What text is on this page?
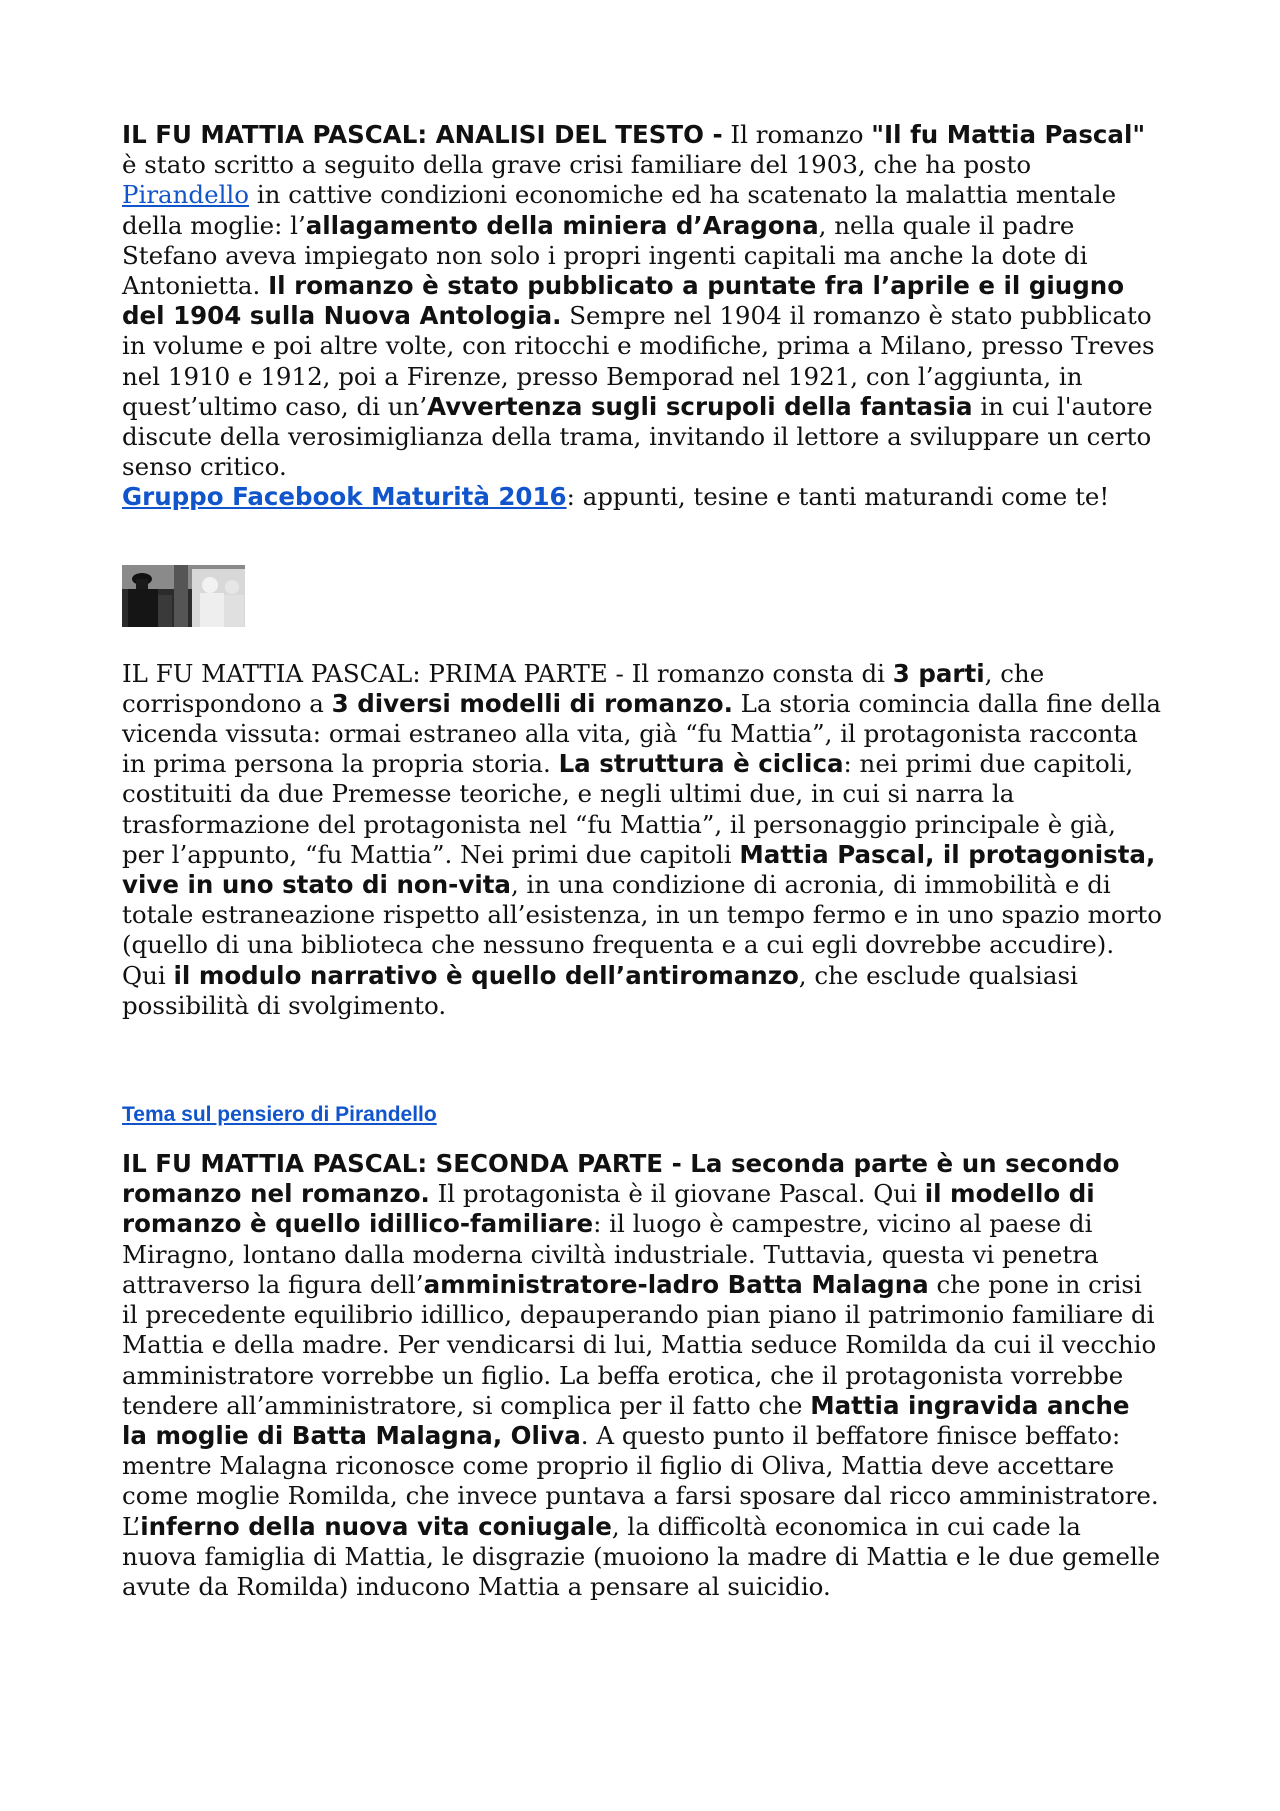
IL FU MATTIA PASCAL: ANALISI DEL TESTO - Il romanzo "Il fu Mattia Pascal" è stato scritto a seguito della grave crisi familiare del 1903, che ha posto Pirandello in cattive condizioni economiche ed ha scatenato la malattia mentale della moglie: l’allagamento della miniera d’Aragona, nella quale il padre Stefano aveva impiegato non solo i propri ingenti capitali ma anche la dote di Antonietta. Il romanzo è stato pubblicato a puntate fra l’aprile e il giugno del 1904 sulla Nuova Antologia. Sempre nel 1904 il romanzo è stato pubblicato in volume e poi altre volte, con ritocchi e modifiche, prima a Milano, presso Treves nel 1910 e 1912, poi a Firenze, presso Bemporad nel 1921, con l’aggiunta, in quest’ultimo caso, di un’Avvertenza sugli scrupoli della fantasia in cui l'autore discute della verosimiglianza della trama, invitando il lettore a sviluppare un certo senso critico.

Gruppo Facebook Maturità 2016: appunti, tesine e tanti maturandi come te!

IL FU MATTIA PASCAL: PRIMA PARTE - Il romanzo consta di 3 parti, che corrispondono a 3 diversi modelli di romanzo. La storia comincia dalla fine della vicenda vissuta: ormai estraneo alla vita, già “fu Mattia”, il protagonista racconta in prima persona la propria storia. La struttura è ciclica: nei primi due capitoli, costituiti da due Premesse teoriche, e negli ultimi due, in cui si narra la trasformazione del protagonista nel “fu Mattia”, il personaggio principale è già, per l’appunto, “fu Mattia”. Nei primi due capitoli Mattia Pascal, il protagonista, vive in uno stato di non-vita, in una condizione di acronia, di immobilità e di totale estraneazione rispetto all’esistenza, in un tempo fermo e in uno spazio morto (quello di una biblioteca che nessuno frequenta e a cui egli dovrebbe accudire). Qui il modulo narrativo è quello dell’antiromanzo, che esclude qualsiasi possibilità di svolgimento.

Tema sul pensiero di Pirandello

IL FU MATTIA PASCAL: SECONDA PARTE - La seconda parte è un secondo romanzo nel romanzo. Il protagonista è il giovane Pascal. Qui il modello di romanzo è quello idillico-familiare: il luogo è campestre, vicino al paese di Miragno, lontano dalla moderna civiltà industriale. Tuttavia, questa vi penetra attraverso la figura dell’amministratore-ladro Batta Malagna che pone in crisi il precedente equilibrio idillico, depauperando pian piano il patrimonio familiare di Mattia e della madre. Per vendicarsi di lui, Mattia seduce Romilda da cui il vecchio amministratore vorrebbe un figlio. La beffa erotica, che il protagonista vorrebbe tendere all’amministratore, si complica per il fatto che Mattia ingravida anche la moglie di Batta Malagna, Oliva. A questo punto il beffatore finisce beffato: mentre Malagna riconosce come proprio il figlio di Oliva, Mattia deve accettare come moglie Romilda, che invece puntava a farsi sposare dal ricco amministratore. L’inferno della nuova vita coniugale, la difficoltà economica in cui cade la nuova famiglia di Mattia, le disgrazie (muoiono la madre di Mattia e le due gemelle avute da Romilda) inducono Mattia a pensare al suicidio.
